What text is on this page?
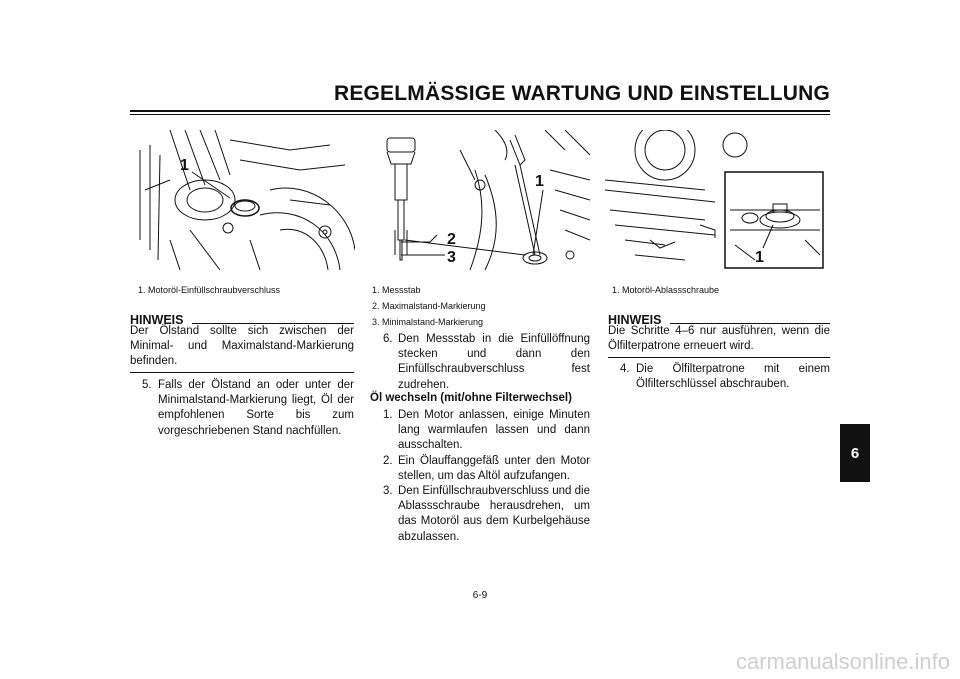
REGELMÄSSIGE WARTUNG UND EINSTELLUNG
6
1
1. Motoröl-Einfüllschraubverschluss
1
2
3
1. Messstab
2. Maximalstand-Markierung
3. Minimalstand-Markierung
1
1. Motoröl-Ablassschraube
HINWEIS
Der Ölstand sollte sich zwischen der Minimal- und Maximalstand-Markierung befinden.
5. Falls der Ölstand an oder unter der Minimalstand-Markierung liegt, Öl der empfohlenen Sorte bis zum vorgeschriebenen Stand nachfüllen.
6. Den Messstab in die Einfüllöffnung stecken und dann den Einfüllschraubverschluss fest zudrehen.
Öl wechseln (mit/ohne Filterwechsel)
1. Den Motor anlassen, einige Minuten lang warmlaufen lassen und dann ausschalten.
2. Ein Ölauffanggefäß unter den Motor stellen, um das Altöl aufzufangen.
3. Den Einfüllschraubverschluss und die Ablassschraube herausdrehen, um das Motoröl aus dem Kurbelgehäuse abzulassen.
HINWEIS
Die Schritte 4–6 nur ausführen, wenn die Ölfilterpatrone erneuert wird.
4. Die Ölfilterpatrone mit einem Ölfilterschlüssel abschrauben.
6-9
carmanualsonline.info
